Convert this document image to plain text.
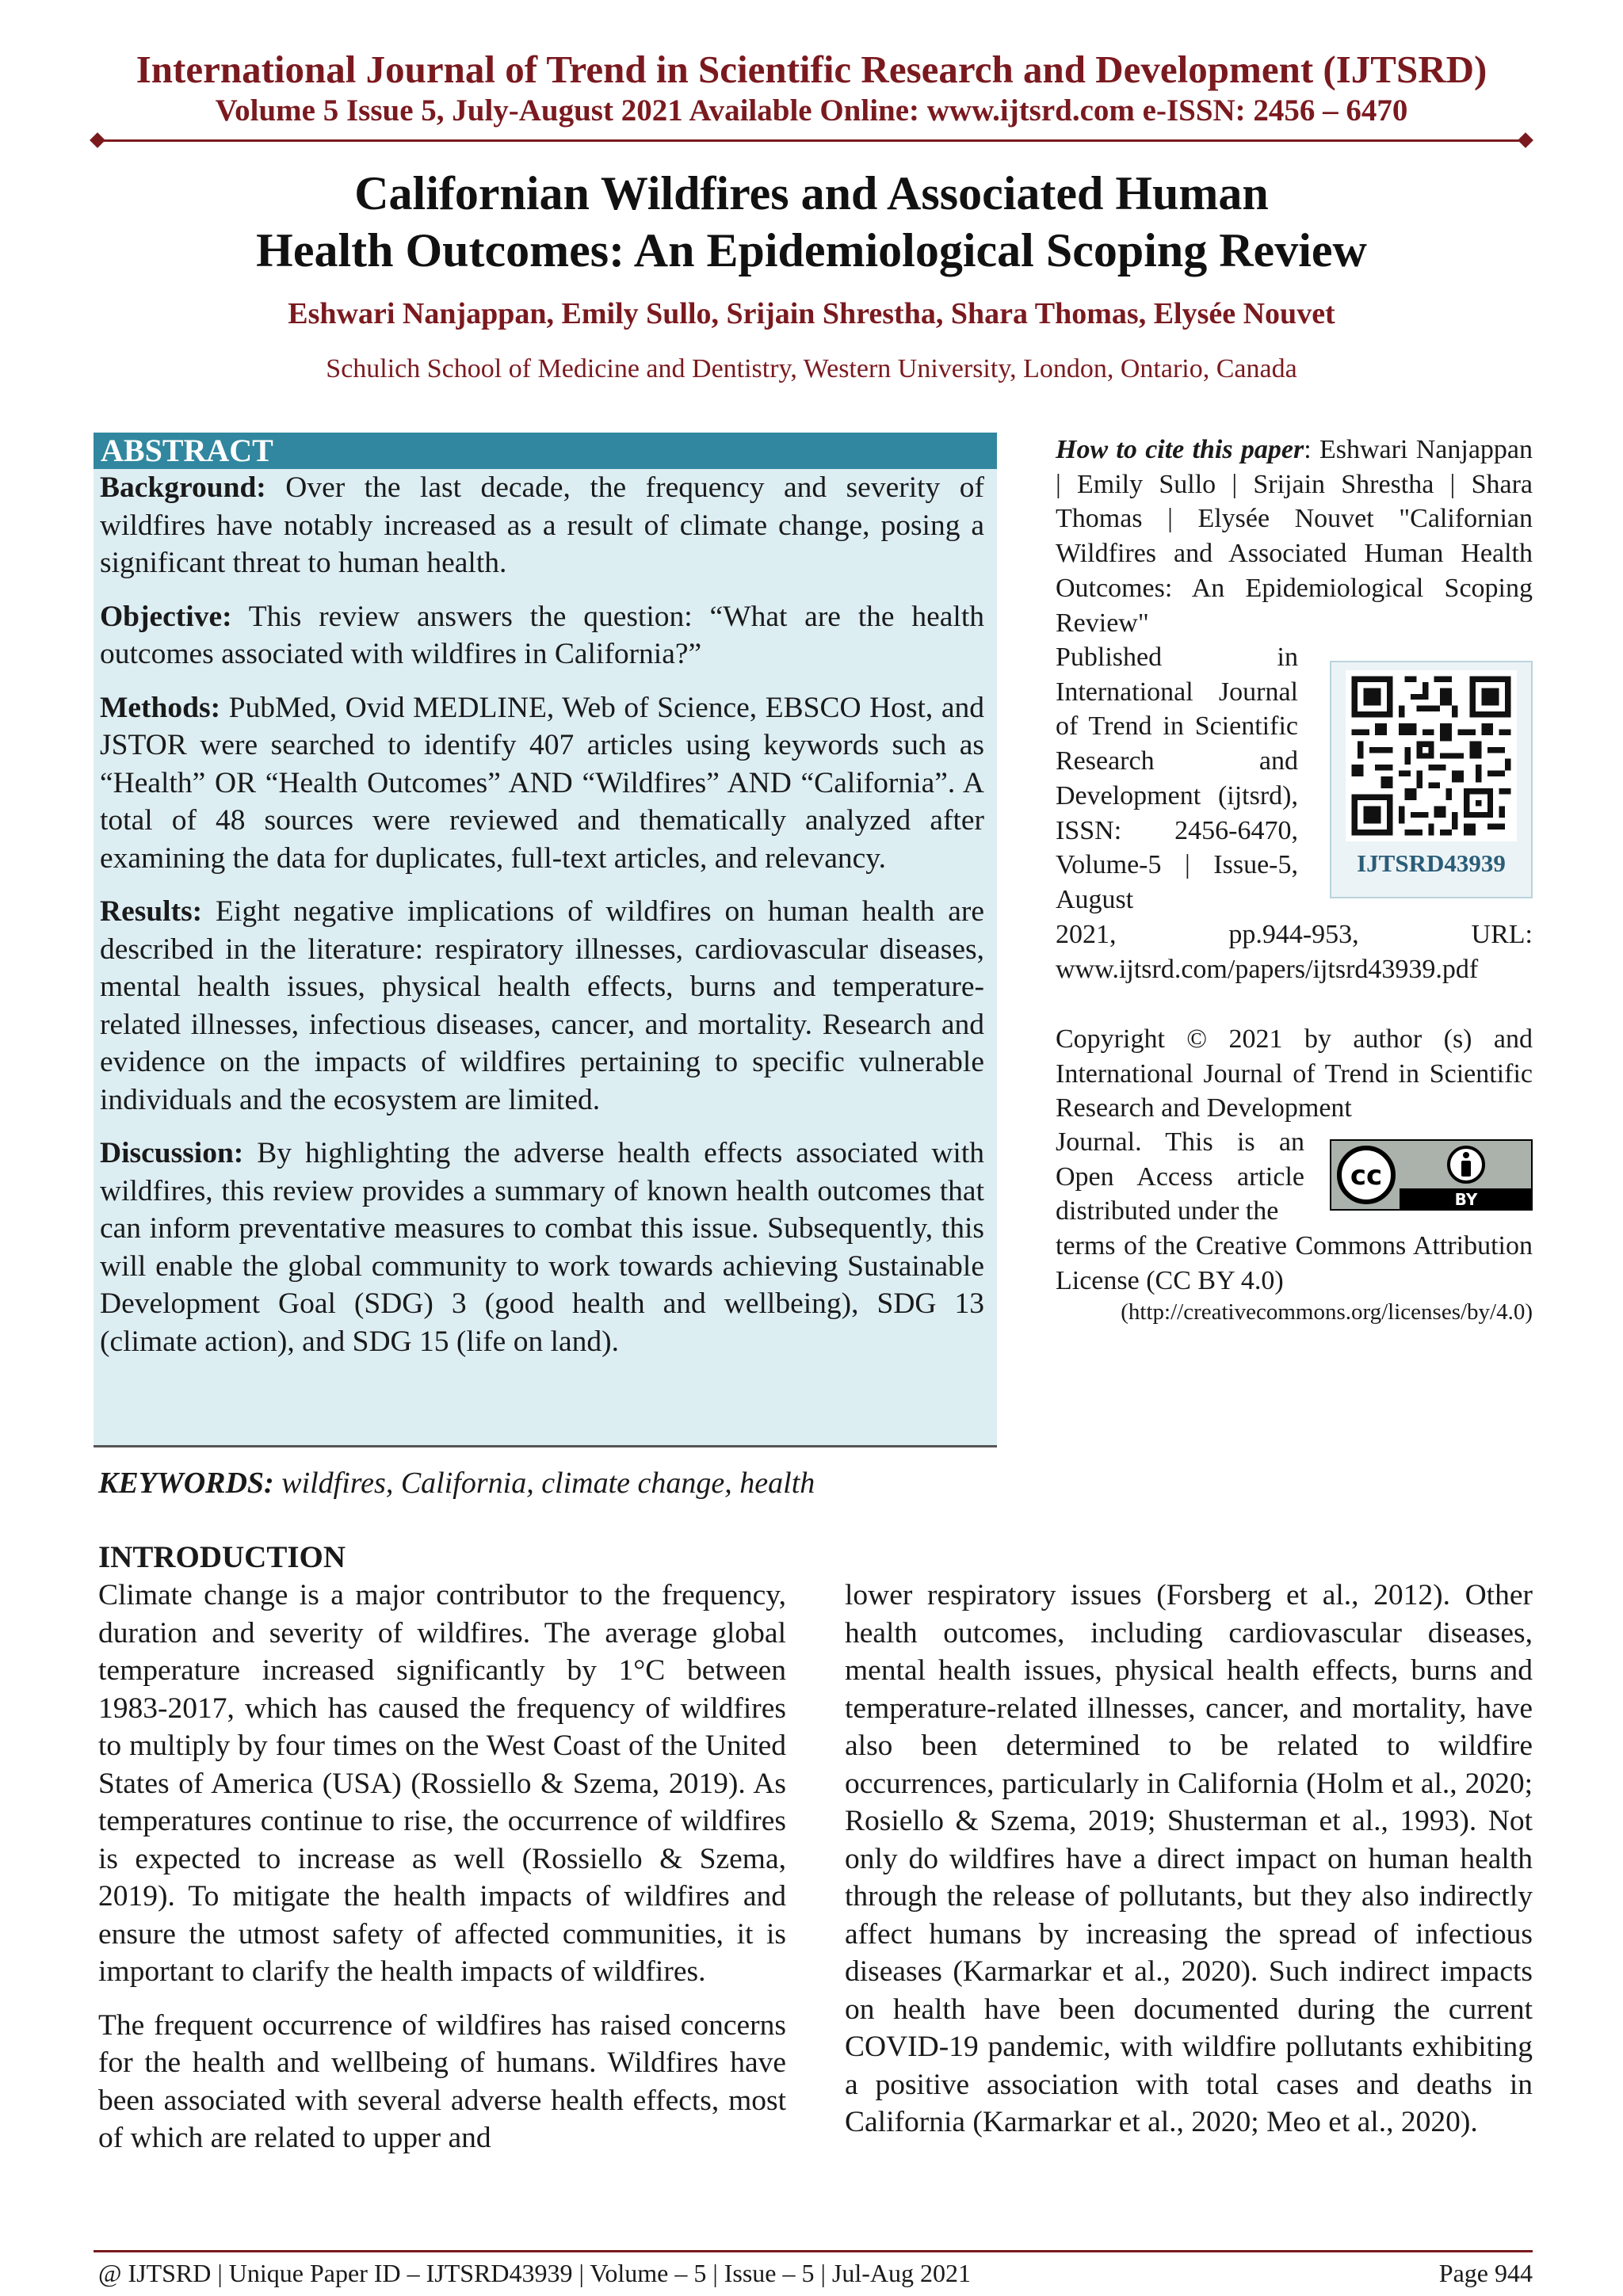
International Journal of Trend in Scientific Research and Development (IJTSRD)
Volume 5 Issue 5, July-August 2021 Available Online: www.ijtsrd.com e-ISSN: 2456 – 6470
Californian Wildfires and Associated Human
Health Outcomes: An Epidemiological Scoping Review
Eshwari Nanjappan, Emily Sullo, Srijain Shrestha, Shara Thomas, Elysée Nouvet
Schulich School of Medicine and Dentistry, Western University, London, Ontario, Canada
ABSTRACT

Background: Over the last decade, the frequency and severity of wildfires have notably increased as a result of climate change, posing a significant threat to human health.

Objective: This review answers the question: “What are the health outcomes associated with wildfires in California?”

Methods: PubMed, Ovid MEDLINE, Web of Science, EBSCO Host, and JSTOR were searched to identify 407 articles using keywords such as “Health” OR “Health Outcomes” AND “Wildfires” AND “California”. A total of 48 sources were reviewed and thematically analyzed after examining the data for duplicates, full-text articles, and relevancy.

Results: Eight negative implications of wildfires on human health are described in the literature: respiratory illnesses, cardiovascular diseases, mental health issues, physical health effects, burns and temperature-related illnesses, infectious diseases, cancer, and mortality. Research and evidence on the impacts of wildfires pertaining to specific vulnerable individuals and the ecosystem are limited.

Discussion: By highlighting the adverse health effects associated with wildfires, this review provides a summary of known health outcomes that can inform preventative measures to combat this issue. Subsequently, this will enable the global community to work towards achieving Sustainable Development Goal (SDG) 3 (good health and wellbeing), SDG 13 (climate action), and SDG 15 (life on land).

How to cite this paper: Eshwari Nanjappan | Emily Sullo | Srijain Shrestha | Shara Thomas | Elysée Nouvet "Californian Wildfires and Associated Human Health Outcomes: An Epidemiological Scoping Review"
Published in International Journal of Trend in Scientific Research and Development (ijtsrd), ISSN: 2456-6470, Volume-5 | Issue-5, August
2021, pp.944-953, URL: www.ijtsrd.com/papers/ijtsrd43939.pdf
IJTSRD43939
Copyright © 2021 by author (s) and International Journal of Trend in Scientific Research and Development
Journal. This is an Open Access article distributed under the
terms of the Creative Commons Attribution License (CC BY 4.0)
(http://creativecommons.org/licenses/by/4.0)
cc
BY
KEYWORDS: wildfires, California, climate change, health
INTRODUCTION

Climate change is a major contributor to the frequency, duration and severity of wildfires. The average global temperature increased significantly by 1°C between 1983-2017, which has caused the frequency of wildfires to multiply by four times on the West Coast of the United States of America (USA) (Rossiello & Szema, 2019). As temperatures continue to rise, the occurrence of wildfires is expected to increase as well (Rossiello & Szema, 2019). To mitigate the health impacts of wildfires and ensure the utmost safety of affected communities, it is important to clarify the health impacts of wildfires.

The frequent occurrence of wildfires has raised concerns for the health and wellbeing of humans. Wildfires have been associated with several adverse health effects, most of which are related to upper and

lower respiratory issues (Forsberg et al., 2012). Other health outcomes, including cardiovascular diseases, mental health issues, physical health effects, burns and temperature-related illnesses, cancer, and mortality, have also been determined to be related to wildfire occurrences, particularly in California (Holm et al., 2020; Rosiello & Szema, 2019; Shusterman et al., 1993). Not only do wildfires have a direct impact on human health through the release of pollutants, but they also indirectly affect humans by increasing the spread of infectious diseases (Karmarkar et al., 2020). Such indirect impacts on health have been documented during the current COVID-19 pandemic, with wildfire pollutants exhibiting a positive association with total cases and deaths in California (Karmarkar et al., 2020; Meo et al., 2020).

@ IJTSRD | Unique Paper ID – IJTSRD43939 | Volume – 5 | Issue – 5 | Jul-Aug 2021	Page 944
